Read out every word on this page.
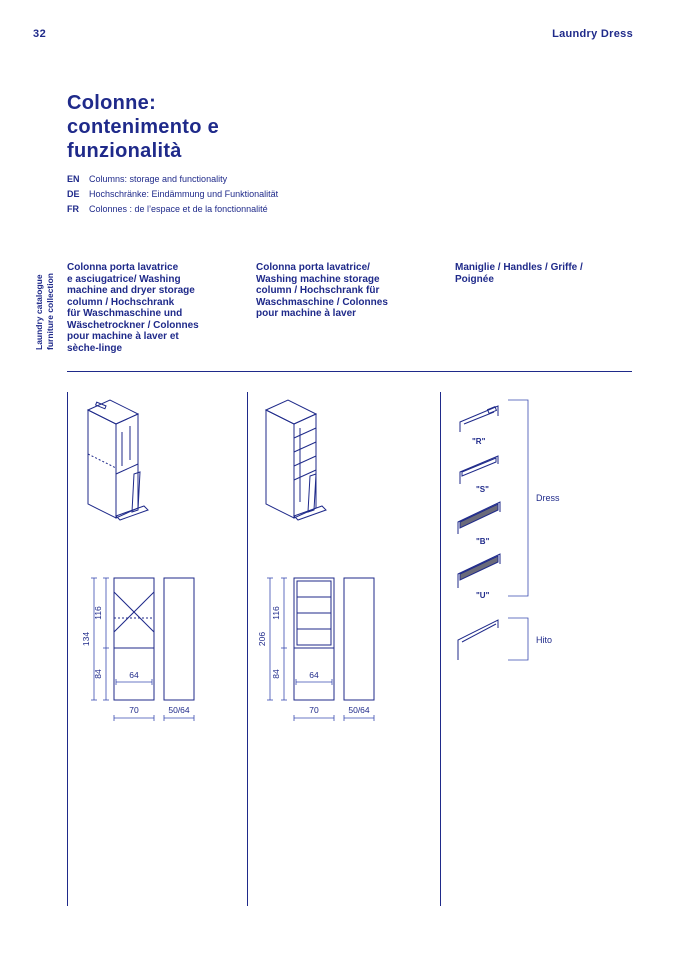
32	Laundry Dress
Colonne:
contenimento e
funzionalità
EN Columns: storage and functionality
DE Hochschränke: Eindämmung und Funktionalität
FR Colonnes : de l’espace et de la fonctionnalité
Laundry catalogue furniture collection
Colonna porta lavatrice
e asciugatrice/ Washing
machine and dryer storage
column / Hochschrank
für Waschmaschine und
Wäschetrockner / Colonnes
pour machine à laver et
sèche-linge
Colonna porta lavatrice/
Washing machine storage
column / Hochschrank für
Waschmaschine / Colonnes
pour machine à laver
Maniglie / Handles / Griffe /
Poignée
134
116
84	64
70	50/64
206
116
84	64
70	50/64
"R"
"S"
"B"
"U"
Dress
Hito
